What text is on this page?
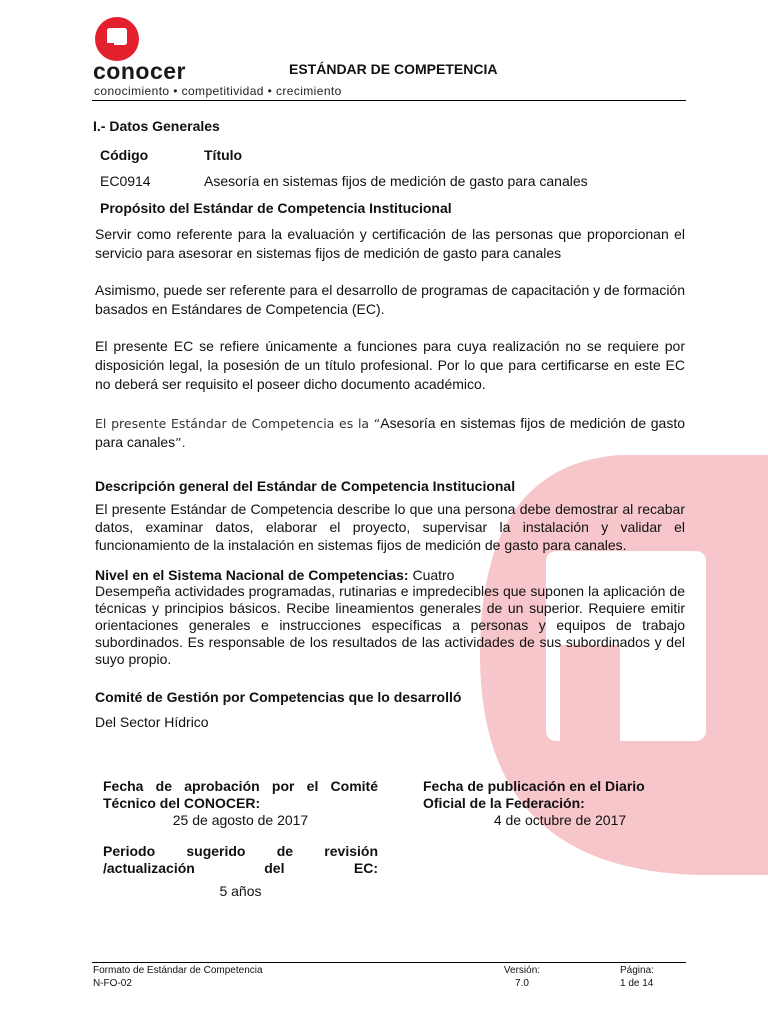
conocer
conocimiento • competitividad • crecimiento
ESTÁNDAR DE COMPETENCIA
I.- Datos Generales
Código	Título
EC0914	Asesoría en sistemas fijos de medición de gasto para canales
Propósito del Estándar de Competencia Institucional
Servir como referente para la evaluación y certificación de las personas que proporcionan el servicio para asesorar en sistemas fijos de medición de gasto para canales
Asimismo, puede ser referente para el desarrollo de programas de capacitación y de formación basados en Estándares de Competencia (EC).
El presente EC se refiere únicamente a funciones para cuya realización no se requiere por disposición legal, la posesión de un título profesional. Por lo que para certificarse en este EC no deberá ser requisito el poseer dicho documento académico.
El presente Estándar de Competencia es la “Asesoría en sistemas fijos de medición de gasto para canales”.
Descripción general del Estándar de Competencia Institucional
El presente Estándar de Competencia describe lo que una persona debe demostrar al recabar datos, examinar datos, elaborar el proyecto, supervisar la instalación y validar el funcionamiento de la instalación en sistemas fijos de medición de gasto para canales.
Nivel en el Sistema Nacional de Competencias: Cuatro
Desempeña actividades programadas, rutinarias e impredecibles que suponen la aplicación de técnicas y principios básicos. Recibe lineamientos generales de un superior. Requiere emitir orientaciones generales e instrucciones específicas a personas y equipos de trabajo subordinados. Es responsable de los resultados de las actividades de sus subordinados y del suyo propio.
Comité de Gestión por Competencias que lo desarrolló
Del Sector Hídrico
Fecha de aprobación por el Comité Técnico del CONOCER:
25 de agosto de 2017
Fecha de publicación en el Diario Oficial de la Federación:
4 de octubre de 2017
Periodo sugerido de revisión /actualización del EC:
5 años
Formato de Estándar de Competencia
N-FO-02
Versión:
7.0
Página:
1 de 14
